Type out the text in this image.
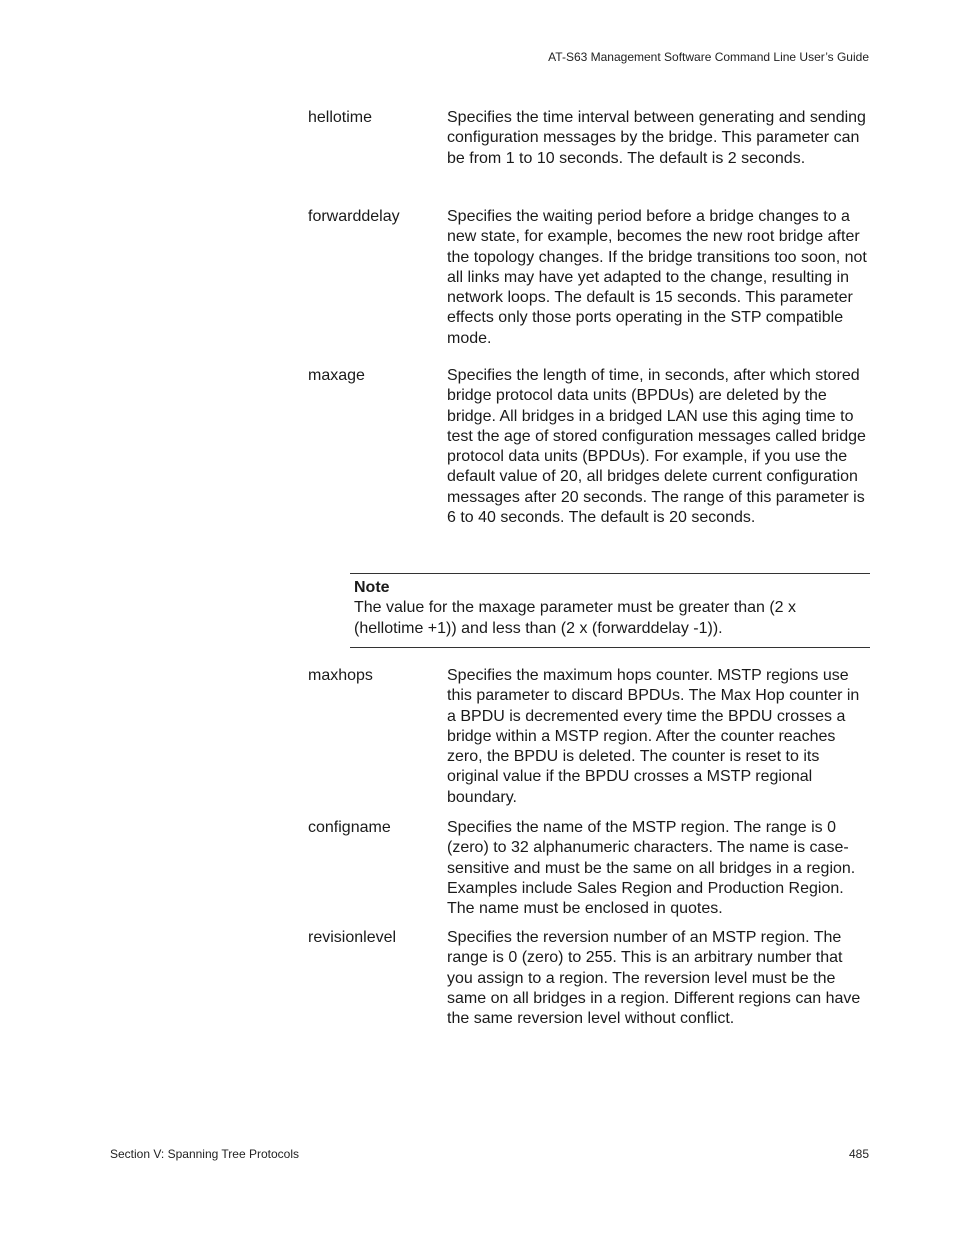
AT-S63 Management Software Command Line User’s Guide
hellotime	Specifies the time interval between generating and sending configuration messages by the bridge. This parameter can be from 1 to 10 seconds. The default is 2 seconds.
forwarddelay	Specifies the waiting period before a bridge changes to a new state, for example, becomes the new root bridge after the topology changes. If the bridge transitions too soon, not all links may have yet adapted to the change, resulting in network loops. The default is 15 seconds. This parameter effects only those ports operating in the STP compatible mode.
maxage	Specifies the length of time, in seconds, after which stored bridge protocol data units (BPDUs) are deleted by the bridge. All bridges in a bridged LAN use this aging time to test the age of stored configuration messages called bridge protocol data units (BPDUs). For example, if you use the default value of 20, all bridges delete current configuration messages after 20 seconds. The range of this parameter is 6 to 40 seconds. The default is 20 seconds.
Note
The value for the maxage parameter must be greater than (2 x (hellotime +1)) and less than (2 x (forwarddelay -1)).
maxhops	Specifies the maximum hops counter. MSTP regions use this parameter to discard BPDUs. The Max Hop counter in a BPDU is decremented every time the BPDU crosses a bridge within a MSTP region. After the counter reaches zero, the BPDU is deleted. The counter is reset to its original value if the BPDU crosses a MSTP regional boundary.
configname	Specifies the name of the MSTP region. The range is 0 (zero) to 32 alphanumeric characters. The name is case-sensitive and must be the same on all bridges in a region. Examples include Sales Region and Production Region. The name must be enclosed in quotes.
revisionlevel	Specifies the reversion number of an MSTP region. The range is 0 (zero) to 255. This is an arbitrary number that you assign to a region. The reversion level must be the same on all bridges in a region. Different regions can have the same reversion level without conflict.
Section V: Spanning Tree Protocols	485
